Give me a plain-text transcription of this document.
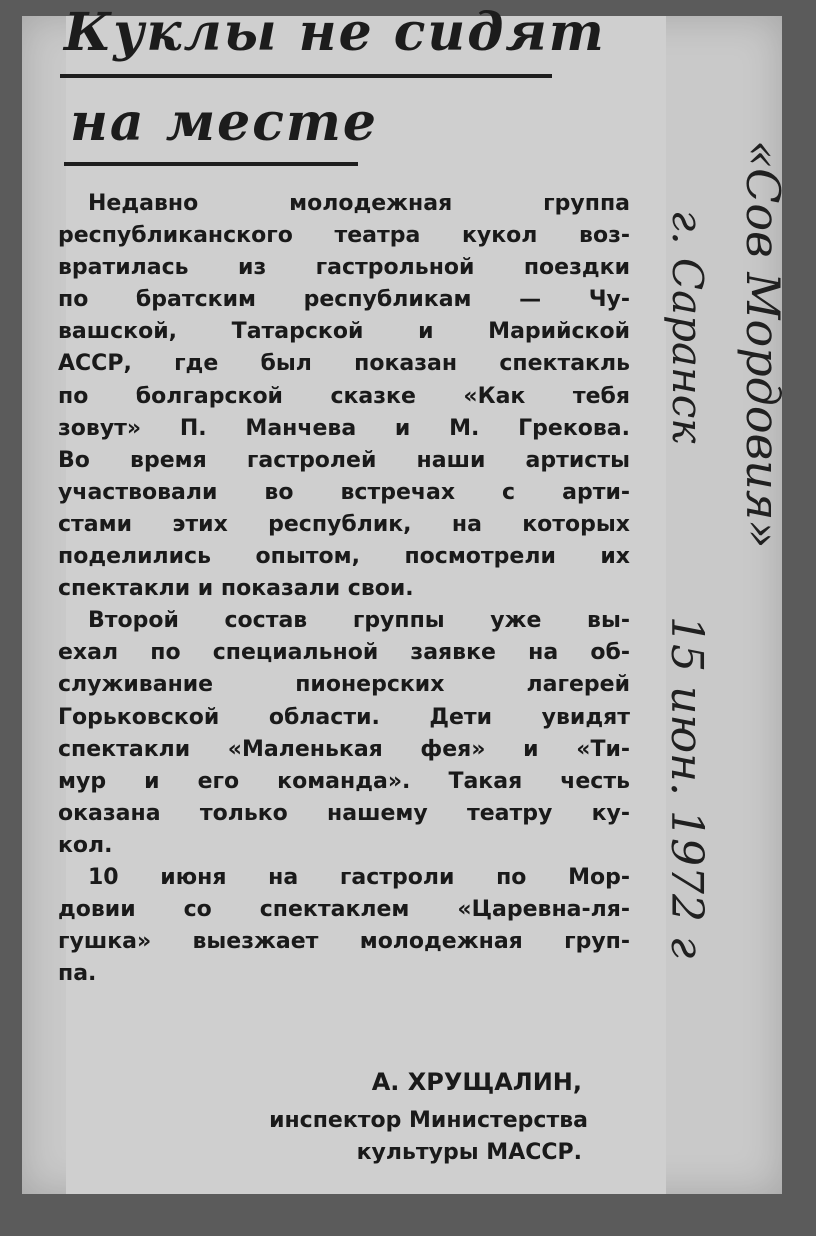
Куклы не сидят
на месте
Недавно молодежная группа
республиканского театра кукол воз-
вратилась из гастрольной поездки
по братским республикам — Чу-
вашской, Татарской и Марийской
АССР, где был показан спектакль
по болгарской сказке «Как тебя
зовут» П. Манчева и М. Грекова.
Во время гастролей наши артисты
участвовали во встречах с арти-
стами этих республик, на которых
поделились опытом, посмотрели их
спектакли и показали свои.
Второй состав группы уже вы-
ехал по специальной заявке на об-
служивание пионерских лагерей
Горьковской области. Дети увидят
спектакли «Маленькая фея» и «Ти-
мур и его команда». Такая честь
оказана только нашему театру ку-
кол.
10 июня на гастроли по Мор-
довии со спектаклем «Царевна-ля-
гушка» выезжает молодежная груп-
па.
А. ХРУЩАЛИН,
инспектор Министерства
культуры МАССР.
«Сов Мордовия»
г. Саранск
15 июн. 1972 г
